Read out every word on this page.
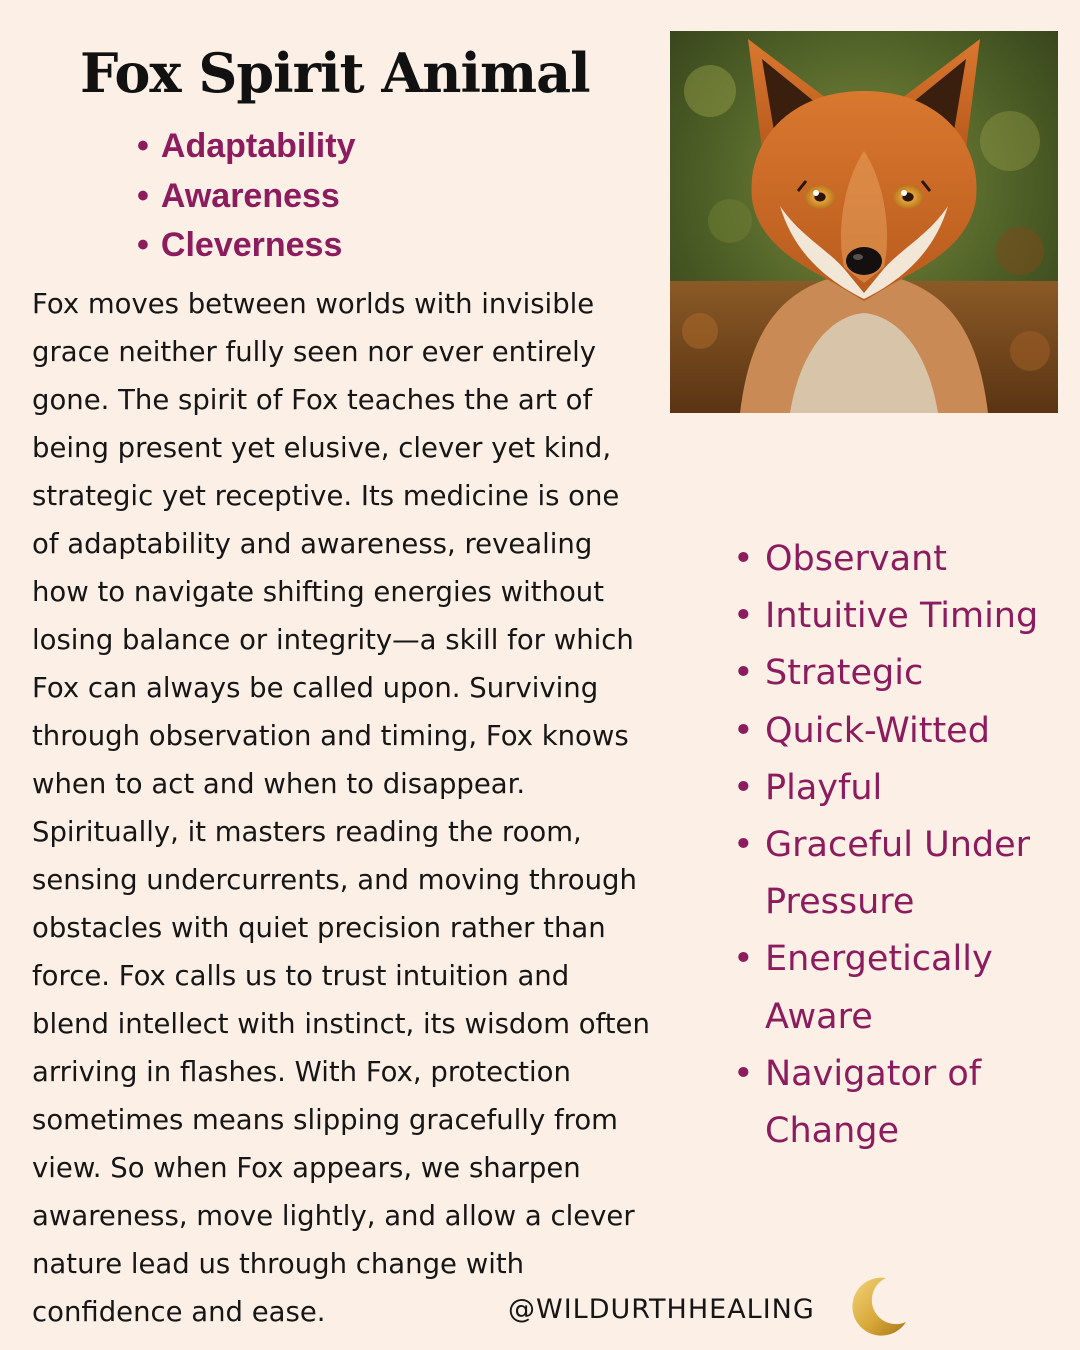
Fox Spirit Animal
• Adaptability
• Awareness
• Cleverness
Fox moves between worlds with invisible
grace neither fully seen nor ever entirely
gone. The spirit of Fox teaches the art of
being present yet elusive, clever yet kind,
strategic yet receptive. Its medicine is one
of adaptability and awareness, revealing
how to navigate shifting energies without
losing balance or integrity—a skill for which
Fox can always be called upon. Surviving
through observation and timing, Fox knows
when to act and when to disappear.
Spiritually, it masters reading the room,
sensing undercurrents, and moving through
obstacles with quiet precision rather than
force. Fox calls us to trust intuition and
blend intellect with instinct, its wisdom often
arriving in flashes. With Fox, protection
sometimes means slipping gracefully from
view. So when Fox appears, we sharpen
awareness, move lightly, and allow a clever
nature lead us through change with
confidence and ease.
• Observant
• Intuitive Timing
• Strategic
• Quick-Witted
• Playful
• Graceful Under Pressure
• Energetically Aware
• Navigator of Change
@WILDURTHHEALING
